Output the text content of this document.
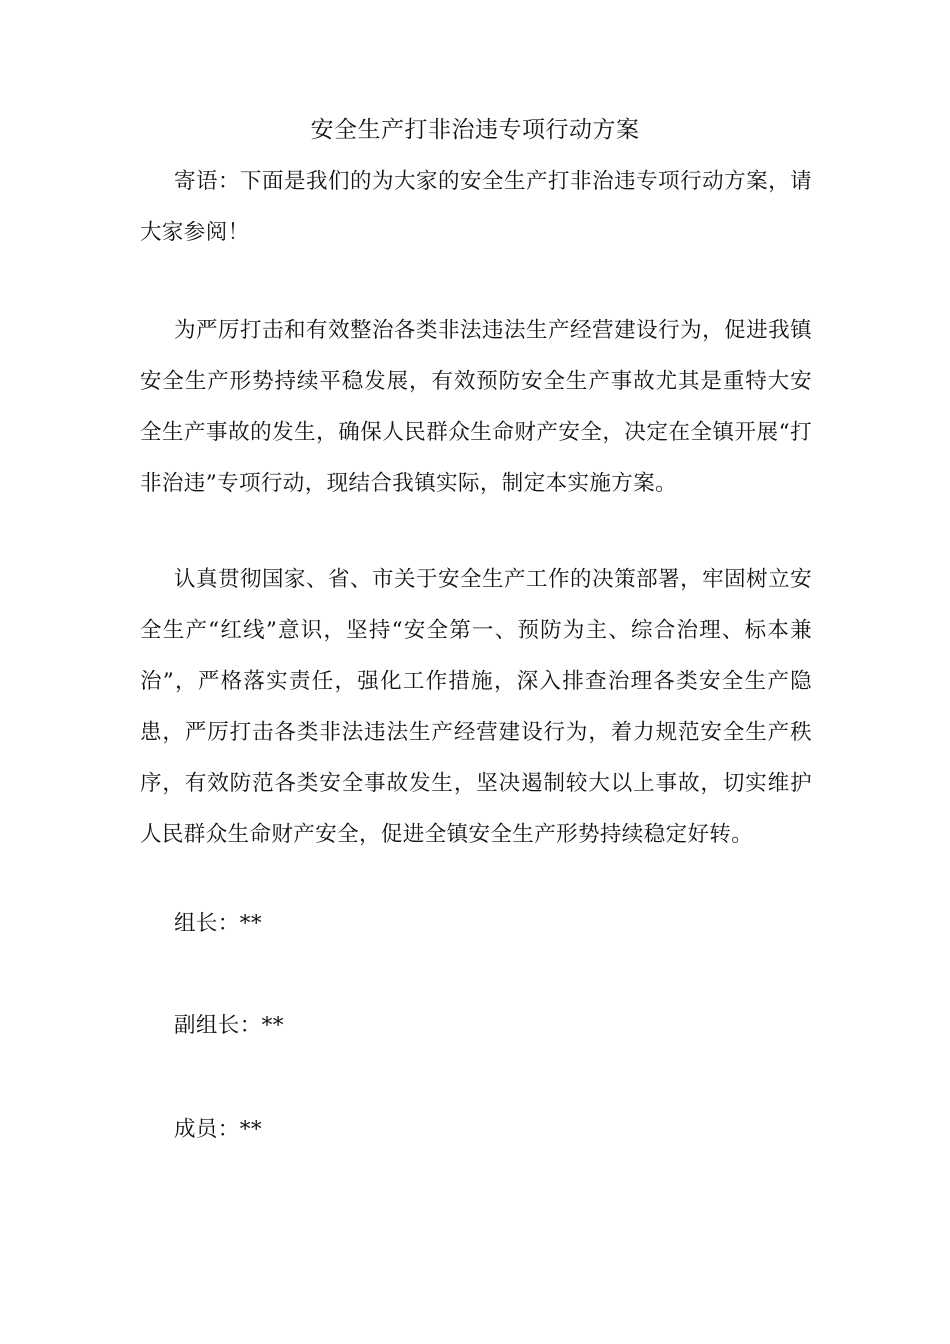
安全生产打非治违专项行动方案

寄语：下面是我们的为大家的安全生产打非治违专项行动方案，请大家参阅！

为严厉打击和有效整治各类非法违法生产经营建设行为，促进我镇安全生产形势持续平稳发展，有效预防安全生产事故尤其是重特大安全生产事故的发生，确保人民群众生命财产安全，决定在全镇开展“打非治违”专项行动，现结合我镇实际，制定本实施方案。

认真贯彻国家、省、市关于安全生产工作的决策部署，牢固树立安全生产“红线”意识，坚持“安全第一、预防为主、综合治理、标本兼治”，严格落实责任，强化工作措施，深入排查治理各类安全生产隐患，严厉打击各类非法违法生产经营建设行为，着力规范安全生产秩序，有效防范各类安全事故发生，坚决遏制较大以上事故，切实维护人民群众生命财产安全，促进全镇安全生产形势持续稳定好转。

组长：**

副组长：**

成员：**
